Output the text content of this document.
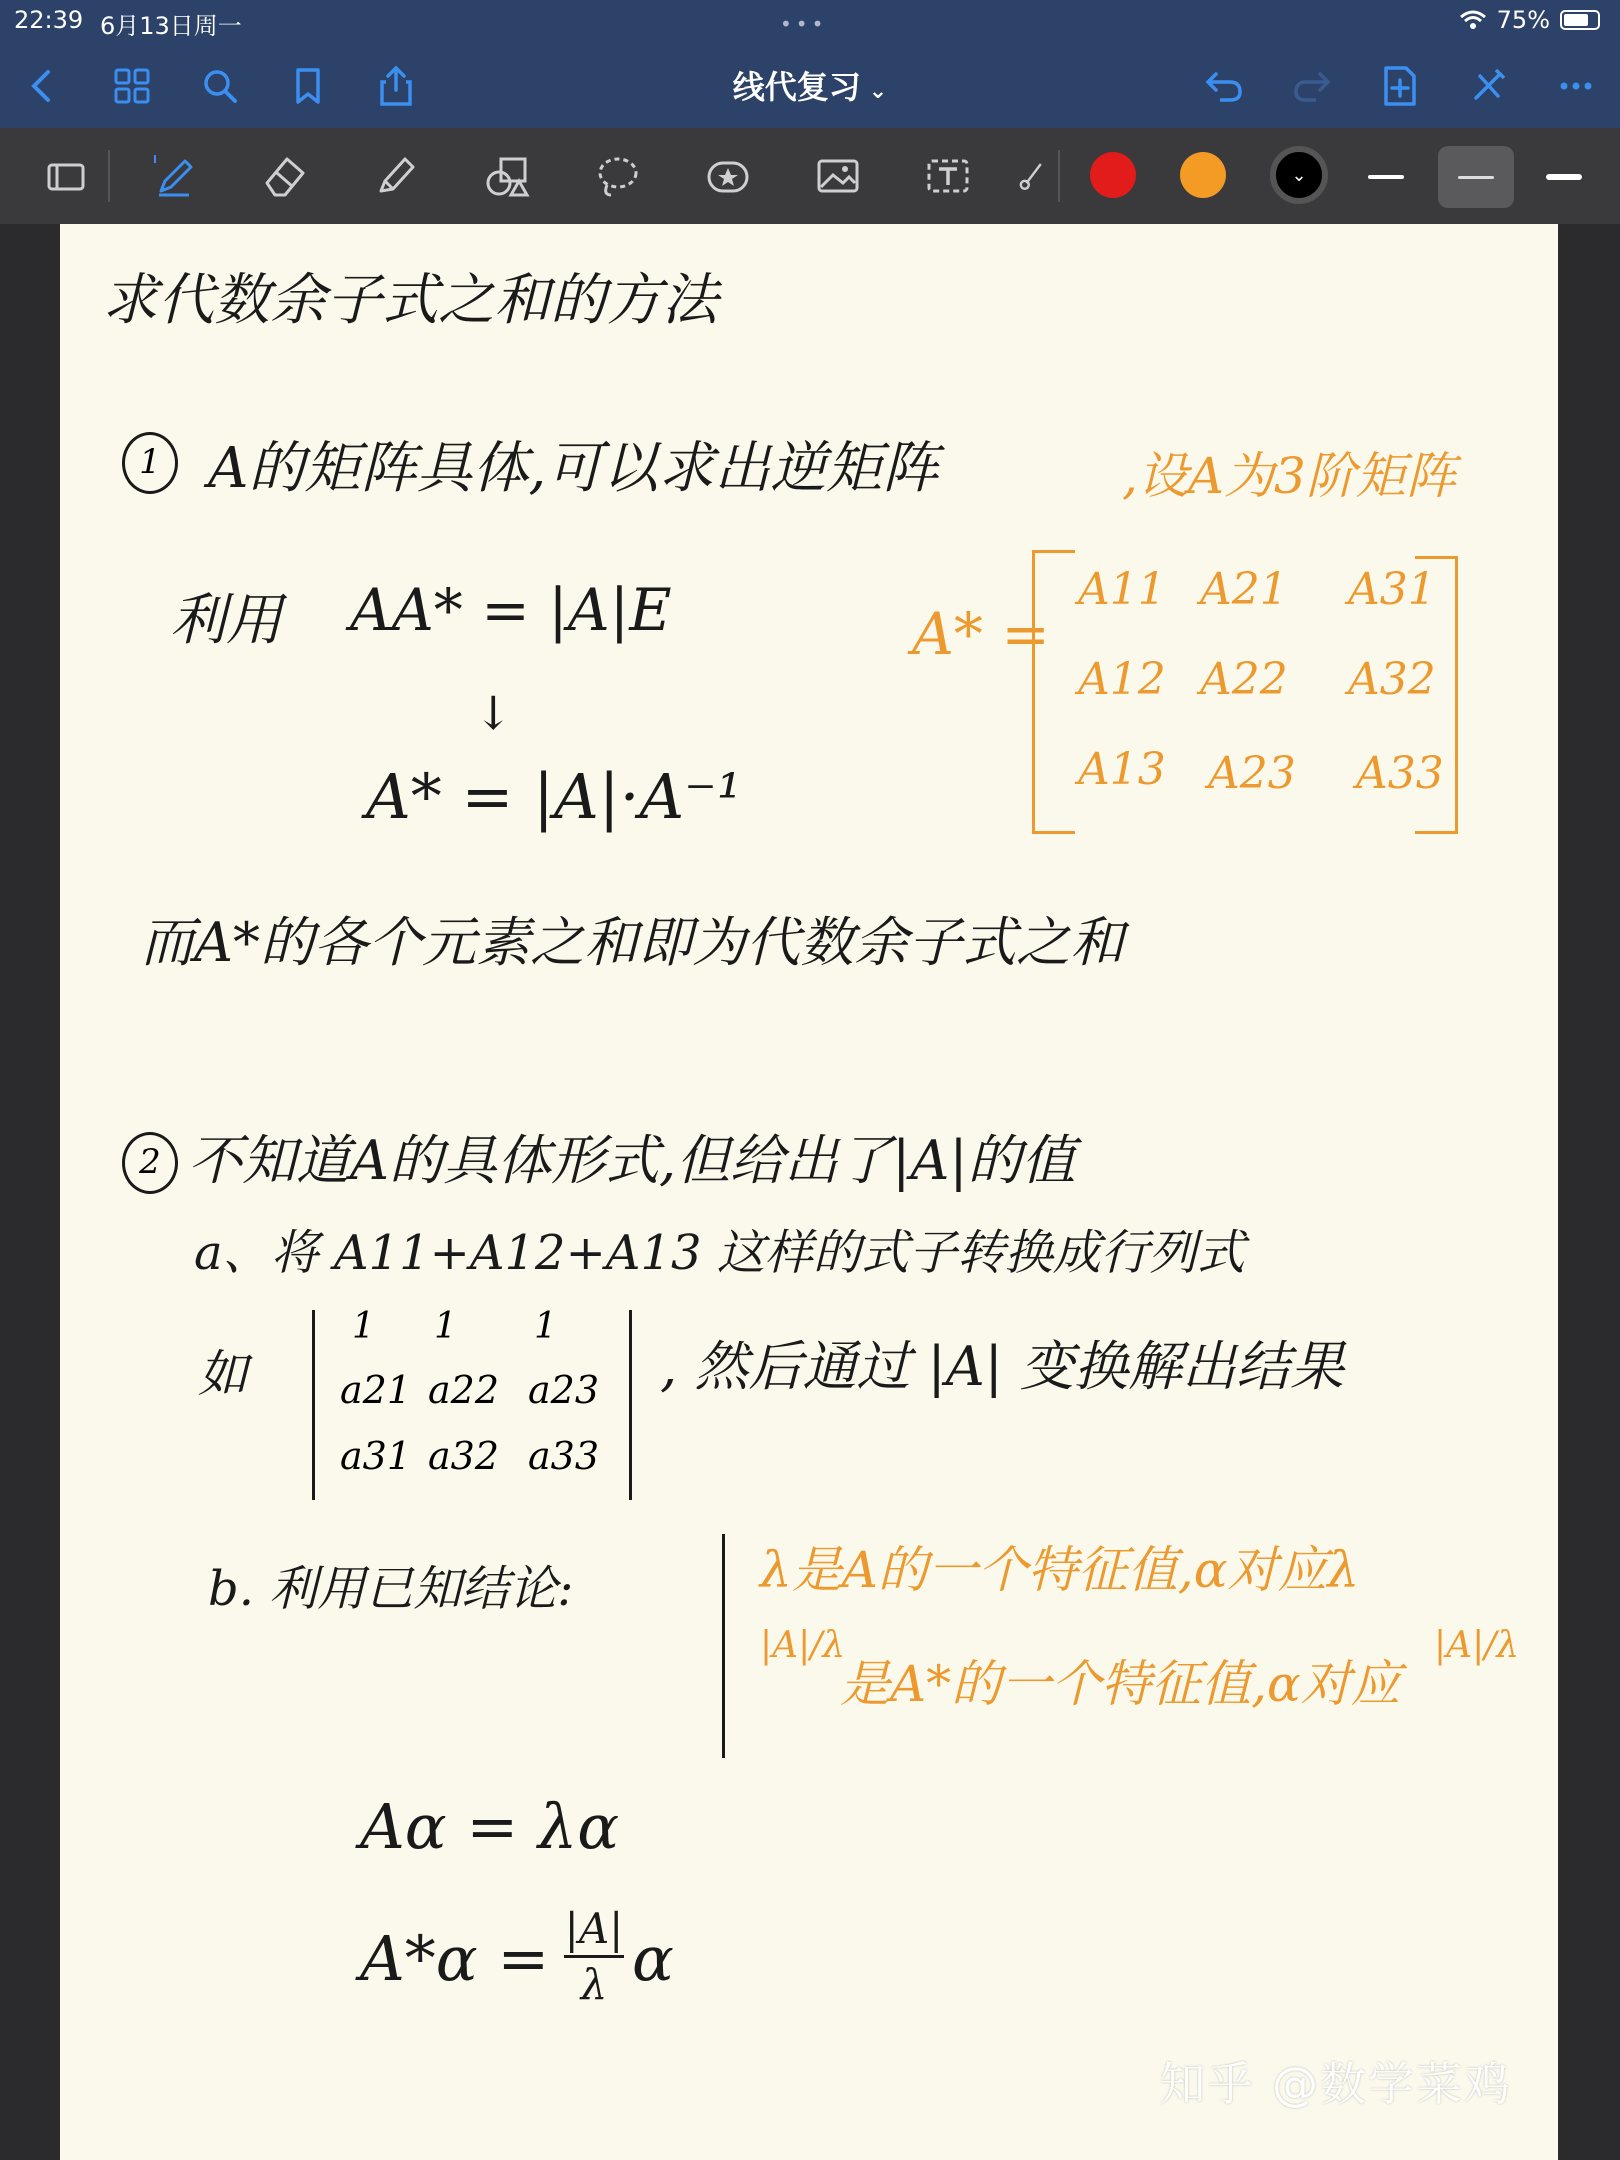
22:39 6月13日周一	•••	75%
线代复习 ⌄
⌄
求代数余子式之和的方法
1 A的矩阵具体,可以求出逆矩阵	,设A为3阶矩阵
利用 AA* = |A|E
↓
A* = |A|·A⁻¹
A* =
A11 A21 A31
A12 A22 A32
A13 A23 A33
而A*的各个元素之和即为代数余子式之和
2 不知道A的具体形式,但给出了|A|的值
a、将 A11+A12+A13 这样的式子转换成行列式
如
1 1 1
a21 a22 a23
a31 a32 a33
, 然后通过 |A| 变换解出结果
b. 利用已知结论:	λ是A的一个特征值,α对应λ
|A|/λ
是A*的一个特征值,α对应
|A|/λ
Aα = λα
A*α = |A|
λ α
知乎 @数学菜鸡
